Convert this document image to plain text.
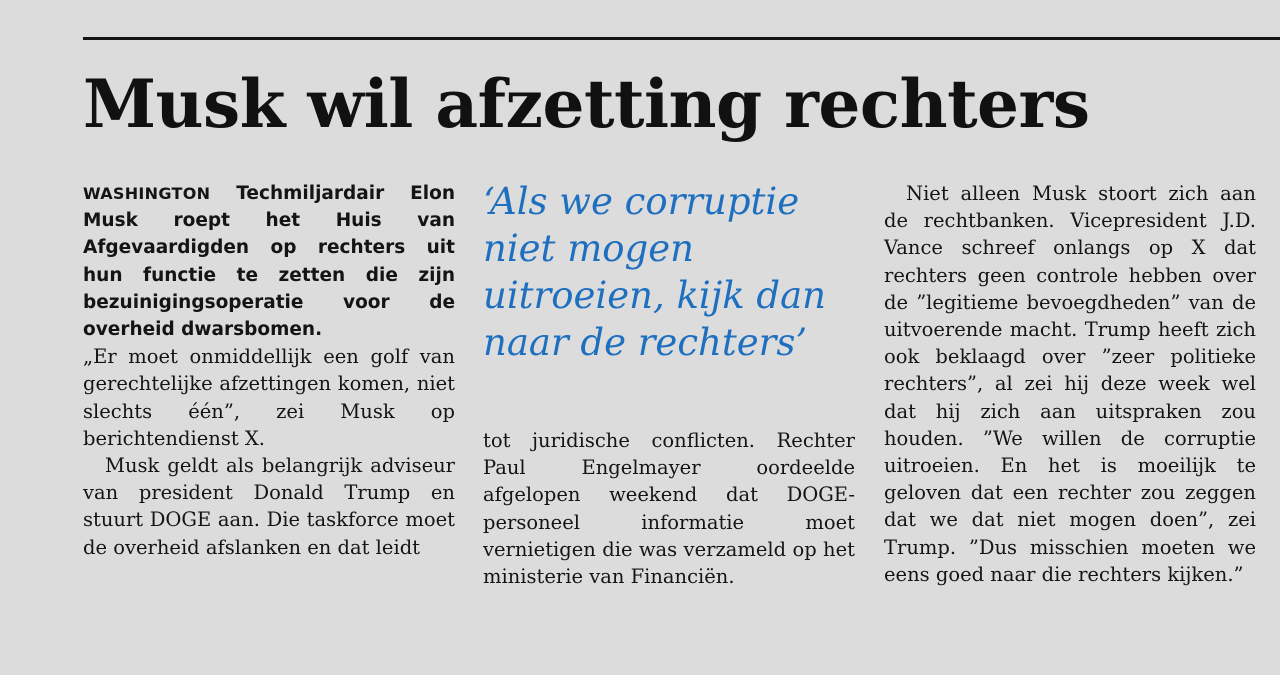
Musk wil afzetting rechters

WASHINGTON Techmiljardair Elon Musk roept het Huis van Afgevaardigden op rechters uit hun functie te zetten die zijn bezuinigingsoperatie voor de overheid dwarsbomen.

„Er moet onmiddellijk een golf van gerechtelijke afzettingen komen, niet slechts één”, zei Musk op berichtendienst X.

Musk geldt als belangrijk adviseur van president Donald Trump en stuurt DOGE aan. Die taskforce moet de overheid afslanken en dat leidt

‘Als we corruptie niet mogen uitroeien, kijk dan naar de rechters’

tot juridische conflicten. Rechter Paul Engelmayer oordeelde afgelopen weekend dat DOGE-personeel informatie moet vernietigen die was verzameld op het ministerie van Financiën.

Niet alleen Musk stoort zich aan de rechtbanken. Vicepresident J.D. Vance schreef onlangs op X dat rechters geen controle hebben over de ”legitieme bevoegdheden” van de uitvoerende macht. Trump heeft zich ook beklaagd over ”zeer politieke rechters”, al zei hij deze week wel dat hij zich aan uitspraken zou houden. ”We willen de corruptie uitroeien. En het is moeilijk te geloven dat een rechter zou zeggen dat we dat niet mogen doen”, zei Trump. ”Dus misschien moeten we eens goed naar die rechters kijken.”
